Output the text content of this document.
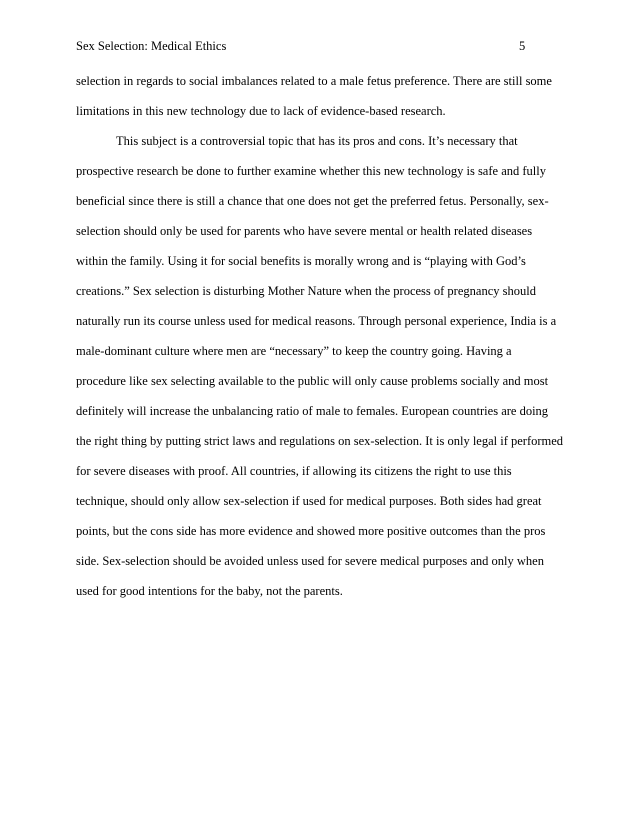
Sex Selection: Medical Ethics	5
selection in regards to social imbalances related to a male fetus preference. There are still some
limitations in this new technology due to lack of evidence-based research.
This subject is a controversial topic that has its pros and cons. It’s necessary that
prospective research be done to further examine whether this new technology is safe and fully
beneficial since there is still a chance that one does not get the preferred fetus. Personally, sex-
selection should only be used for parents who have severe mental or health related diseases
within the family. Using it for social benefits is morally wrong and is “playing with God’s
creations.” Sex selection is disturbing Mother Nature when the process of pregnancy should
naturally run its course unless used for medical reasons. Through personal experience, India is a
male-dominant culture where men are “necessary” to keep the country going. Having a
procedure like sex selecting available to the public will only cause problems socially and most
definitely will increase the unbalancing ratio of male to females. European countries are doing
the right thing by putting strict laws and regulations on sex-selection. It is only legal if performed
for severe diseases with proof. All countries, if allowing its citizens the right to use this
technique, should only allow sex-selection if used for medical purposes. Both sides had great
points, but the cons side has more evidence and showed more positive outcomes than the pros
side. Sex-selection should be avoided unless used for severe medical purposes and only when
used for good intentions for the baby, not the parents.
